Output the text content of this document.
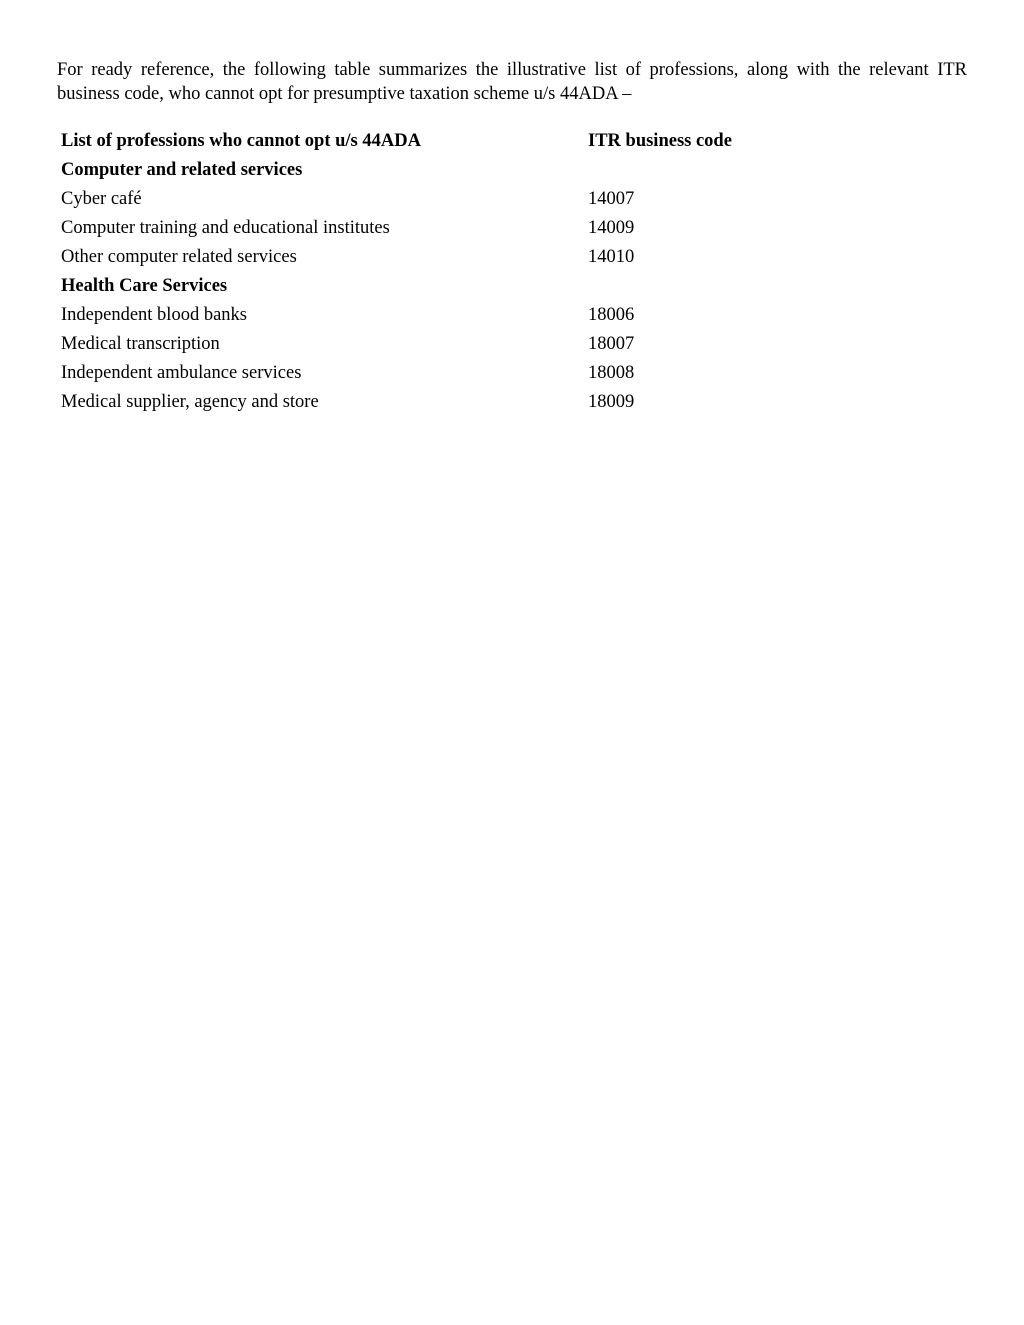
For ready reference, the following table summarizes the illustrative list of professions, along with the relevant ITR business code, who cannot opt for presumptive taxation scheme u/s 44ADA –

List of professions who cannot opt u/s 44ADA	ITR business code
Computer and related services
Cyber café	14007
Computer training and educational institutes	14009
Other computer related services	14010
Health Care Services
Independent blood banks	18006
Medical transcription	18007
Independent ambulance services	18008
Medical supplier, agency and store	18009
